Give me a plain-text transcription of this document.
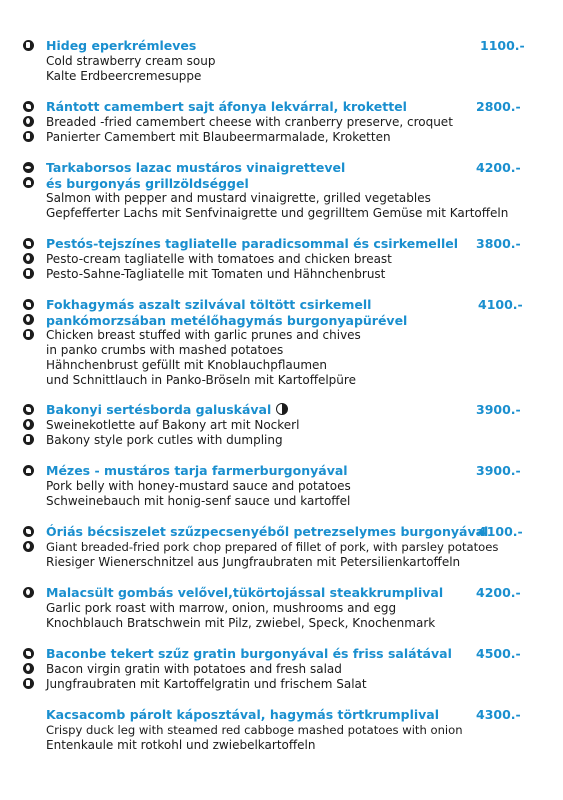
Hideg eperkrémleves	1100.-
Cold strawberry cream soup
Kalte Erdbeercremesuppe
Rántott camembert sajt áfonya lekvárral, krokettel	2800.-
Breaded -fried camembert cheese with cranberry preserve, croquet
Panierter Camembert mit Blaubeermarmalade, Kroketten
Tarkaborsos lazac mustáros vinaigrettevel
és burgonyás grillzöldséggel
4200.-
Salmon with pepper and mustard vinaigrette, grilled vegetables
Gepfefferter Lachs mit Senfvinaigrette und gegrilltem Gemüse mit Kartoffeln
Pestós-tejszínes tagliatelle paradicsommal és csirkemellel 3800.-
Pesto-cream tagliatelle with tomatoes and chicken breast
Pesto-Sahne-Tagliatelle mit Tomaten und Hähnchenbrust
Fokhagymás aszalt szilvával töltött csirkemell
pankómorzsában metélőhagymás burgonyapürével
4100.-
Chicken breast stuffed with garlic prunes and chives
in panko crumbs with mashed potatoes
Hähnchenbrust gefüllt mit Knoblauchpflaumen
und Schnittlauch in Panko-Bröseln mit Kartoffelpüre
Bakonyi sertésborda galuskával	3900.-
Sweinekotlette auf Bakony art mit Nockerl
Bakony style pork cutles with dumpling
Mézes - mustáros tarja farmerburgonyával	3900.-
Pork belly with honey-mustard sauce and potatoes
Schweinebauch mit honig-senf sauce und kartoffel
Óriás bécsiszelet szűzpecsenyéből petrezselymes burgonyával
4100.-
Giant breaded-fried pork chop prepared of fillet of pork, with parsley potatoes
Riesiger Wienerschnitzel aus Jungfraubraten mit Petersilienkartoffeln
Malacsült gombás velővel,tükörtojással steakkrumplival	4200.-
Garlic pork roast with marrow, onion, mushrooms and egg
Knochblauch Bratschwein mit Pilz, zwiebel, Speck, Knochenmark
Baconbe tekert szűz gratin burgonyával és friss salátával 4500.-
Bacon virgin gratin with potatoes and fresh salad
Jungfraubraten mit Kartoffelgratin und frischem Salat
Kacsacomb párolt káposztával, hagymás törtkrumplival	4300.-
Crispy duck leg with steamed red cabboge mashed potatoes with onion
Entenkaule mit rotkohl und zwiebelkartoffeln
